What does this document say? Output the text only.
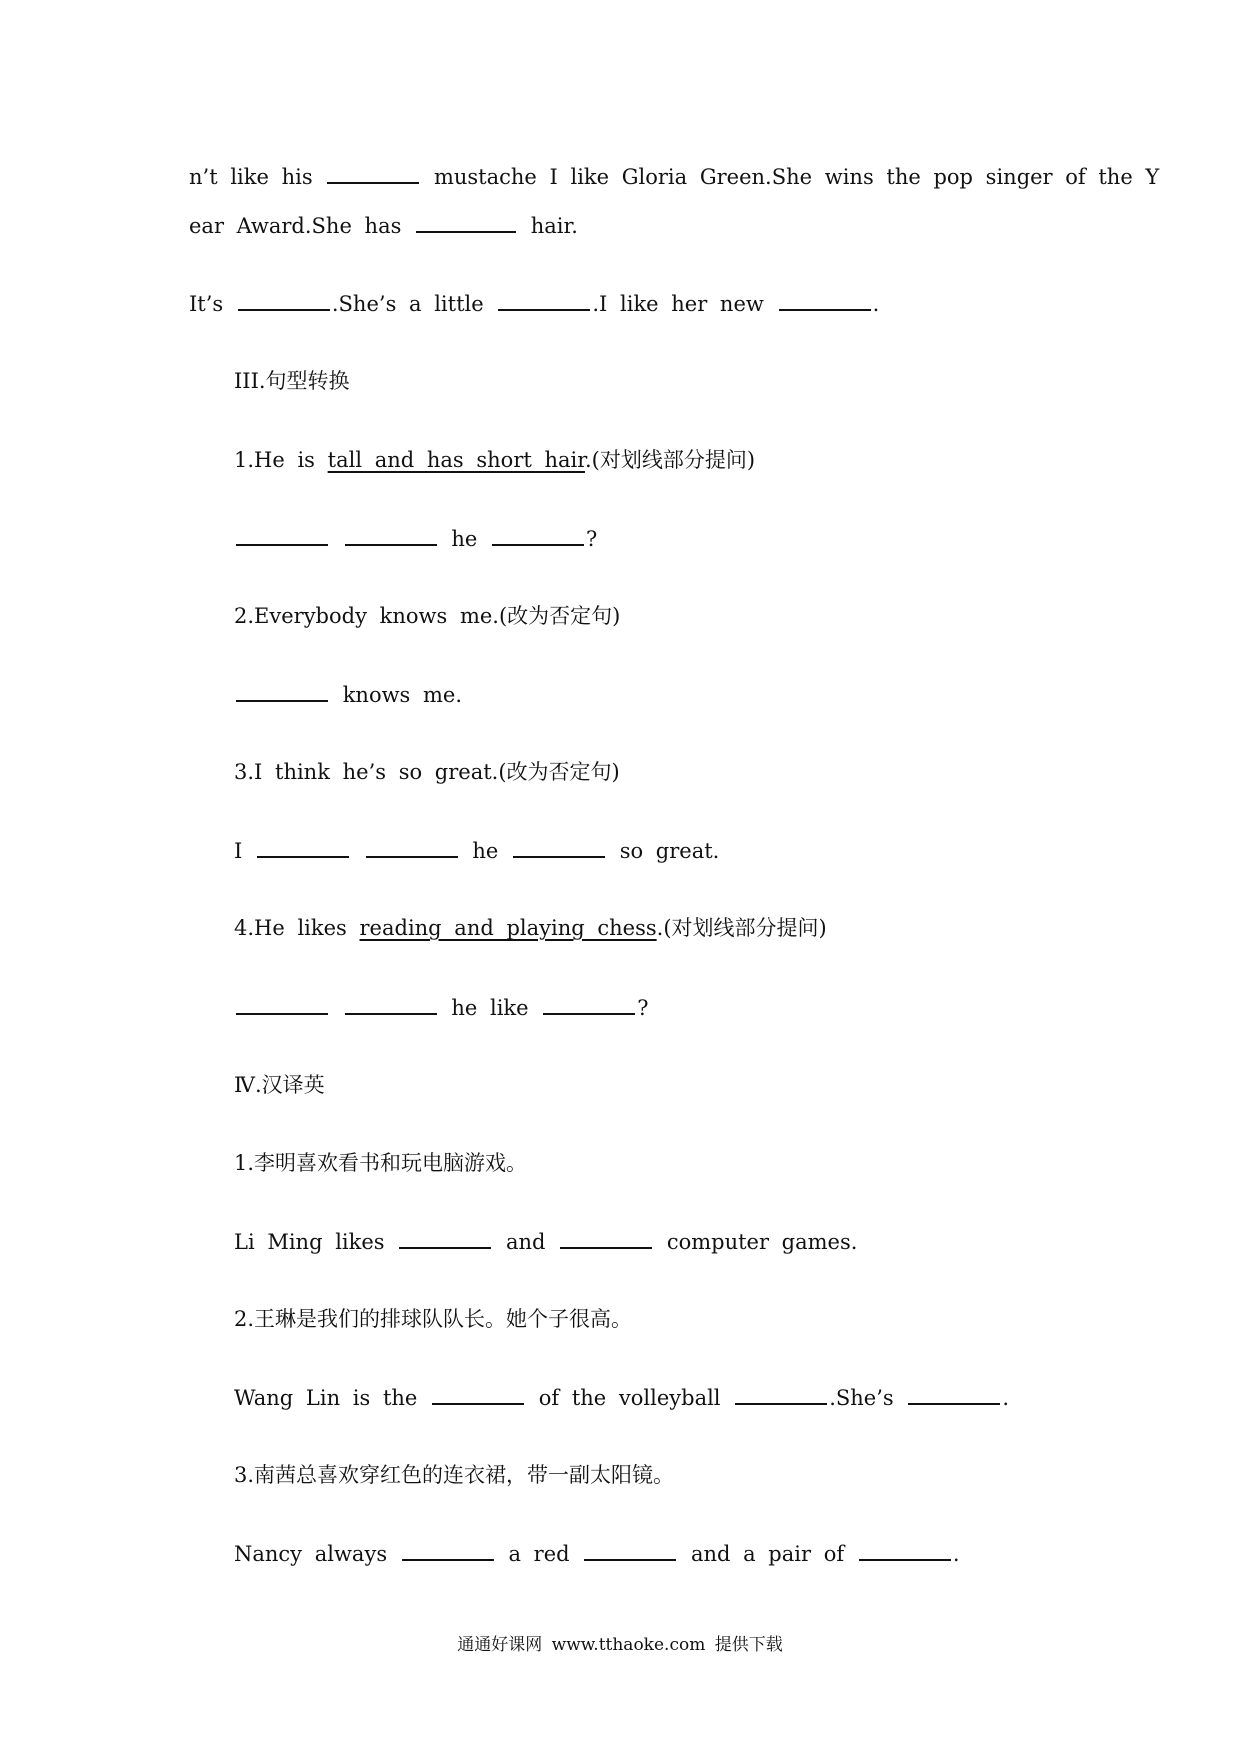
n’t like his	mustache I like Gloria Green.She wins the pop singer of the Y
ear Award.She has	hair.
It’s	.She’s a little	.I like her new	.
III.句型转换
1.He is tall and has short hair.(对划线部分提问)
he	?
2.Everybody knows me.(改为否定句)
knows me.
3.I think he’s so great.(改为否定句)
I	he	so great.
4.He likes reading and playing chess.(对划线部分提问)
he like	?
Ⅳ.汉译英
1.李明喜欢看书和玩电脑游戏。
Li Ming likes	and	computer games.
2.王琳是我们的排球队队长。她个子很高。
Wang Lin is the	of the volleyball	.She’s	.
3.南茜总喜欢穿红色的连衣裙，带一副太阳镜。
Nancy always	a red	and a pair of	.
通通好课网 www.tthaoke.com 提供下载
